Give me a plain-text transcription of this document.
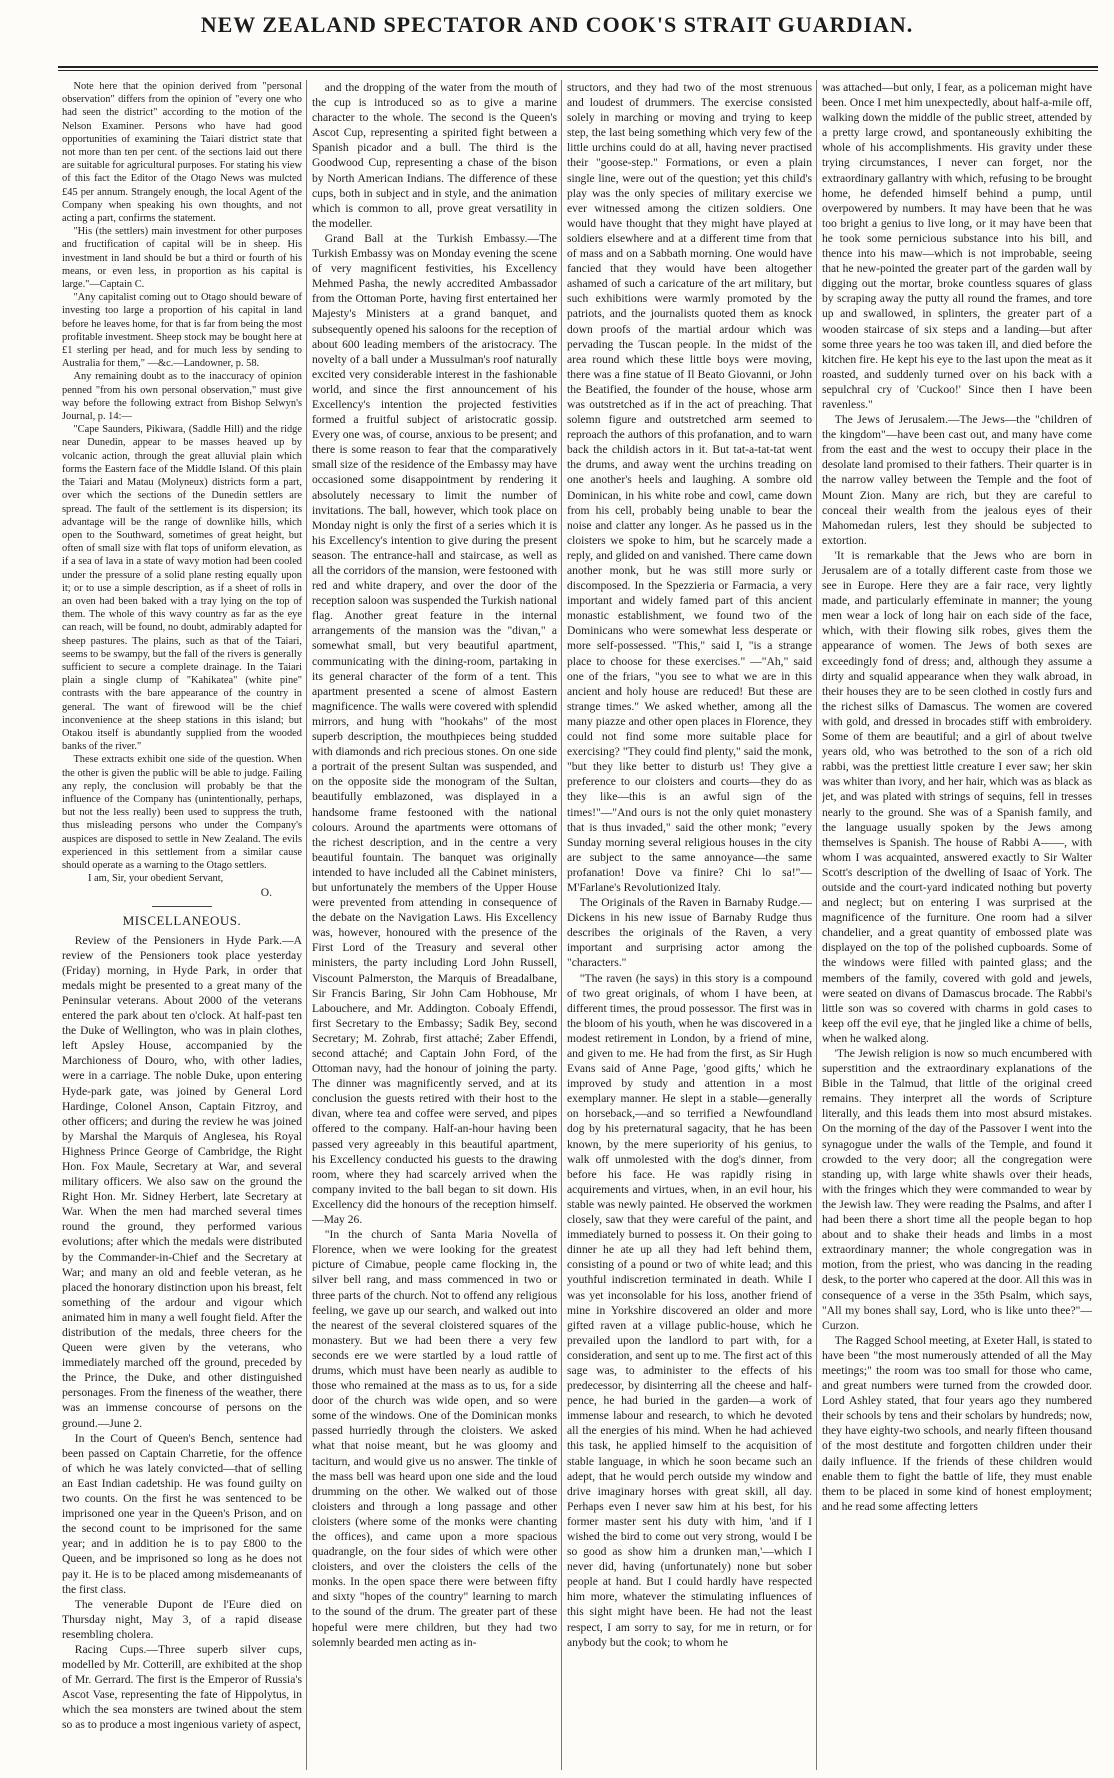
NEW ZEALAND SPECTATOR AND COOK'S STRAIT GUARDIAN.

Note here that the opinion derived from "personal observation" differs from the opinion of "every one who had seen the district" according to the motion of the Nelson Examiner. Persons who have had good opportunities of examining the Taiari district state that not more than ten per cent. of the sections laid out there are suitable for agricultural purposes. For stating his view of this fact the Editor of the Otago News was mulcted £45 per annum. Strangely enough, the local Agent of the Company when speaking his own thoughts, and not acting a part, confirms the statement.

"His (the settlers) main investment for other purposes and fructification of capital will be in sheep. His investment in land should be but a third or fourth of his means, or even less, in proportion as his capital is large."—Captain C.

"Any capitalist coming out to Otago should beware of investing too large a proportion of his capital in land before he leaves home, for that is far from being the most profitable investment. Sheep stock may be bought here at £1 sterling per head, and for much less by sending to Australia for them," —&c.—Landowner, p. 58.

Any remaining doubt as to the inaccuracy of opinion penned "from his own personal observation," must give way before the following extract from Bishop Selwyn's Journal, p. 14:—

"Cape Saunders, Pikiwara, (Saddle Hill) and the ridge near Dunedin, appear to be masses heaved up by volcanic action, through the great alluvial plain which forms the Eastern face of the Middle Island. Of this plain the Taiari and Matau (Molyneux) districts form a part, over which the sections of the Dunedin settlers are spread. The fault of the settlement is its dispersion; its advantage will be the range of downlike hills, which open to the Southward, sometimes of great height, but often of small size with flat tops of uniform elevation, as if a sea of lava in a state of wavy motion had been cooled under the pressure of a solid plane resting equally upon it; or to use a simple description, as if a sheet of rolls in an oven had been baked with a tray lying on the top of them. The whole of this wavy country as far as the eye can reach, will be found, no doubt, admirably adapted for sheep pastures. The plains, such as that of the Taiari, seems to be swampy, but the fall of the rivers is generally sufficient to secure a complete drainage. In the Taiari plain a single clump of "Kahikatea" (white pine" contrasts with the bare appearance of the country in general. The want of firewood will be the chief inconvenience at the sheep stations in this island; but Otakou itself is abundantly supplied from the wooded banks of the river."

These extracts exhibit one side of the question. When the other is given the public will be able to judge. Failing any reply, the conclusion will probably be that the influence of the Company has (unintentionally, perhaps, but not the less really) been used to suppress the truth, thus misleading persons who under the Company's auspices are disposed to settle in New Zealand. The evils experienced in this settlement from a similar cause should operate as a warning to the Otago settlers.

I am, Sir, your obedient Servant,

O.

MISCELLANEOUS.

Review of the Pensioners in Hyde Park.—A review of the Pensioners took place yesterday (Friday) morning, in Hyde Park, in order that medals might be presented to a great many of the Peninsular veterans. About 2000 of the veterans entered the park about ten o'clock. At half-past ten the Duke of Wellington, who was in plain clothes, left Apsley House, accompanied by the Marchioness of Douro, who, with other ladies, were in a carriage. The noble Duke, upon entering Hyde-park gate, was joined by General Lord Hardinge, Colonel Anson, Captain Fitzroy, and other officers; and during the review he was joined by Marshal the Marquis of Anglesea, his Royal Highness Prince George of Cambridge, the Right Hon. Fox Maule, Secretary at War, and several military officers. We also saw on the ground the Right Hon. Mr. Sidney Herbert, late Secretary at War. When the men had marched several times round the ground, they performed various evolutions; after which the medals were distributed by the Commander-in-Chief and the Secretary at War; and many an old and feeble veteran, as he placed the honorary distinction upon his breast, felt something of the ardour and vigour which animated him in many a well fought field. After the distribution of the medals, three cheers for the Queen were given by the veterans, who immediately marched off the ground, preceded by the Prince, the Duke, and other distinguished personages. From the fineness of the weather, there was an immense concourse of persons on the ground.—June 2.

In the Court of Queen's Bench, sentence had been passed on Captain Charretie, for the offence of which he was lately convicted—that of selling an East Indian cadetship. He was found guilty on two counts. On the first he was sentenced to be imprisoned one year in the Queen's Prison, and on the second count to be imprisoned for the same year; and in addition he is to pay £800 to the Queen, and be imprisoned so long as he does not pay it. He is to be placed among misdemeanants of the first class.

The venerable Dupont de l'Eure died on Thursday night, May 3, of a rapid disease resembling cholera.

Racing Cups.—Three superb silver cups, modelled by Mr. Cotterill, are exhibited at the shop of Mr. Gerrard. The first is the Emperor of Russia's Ascot Vase, representing the fate of Hippolytus, in which the sea monsters are twined about the stem so as to produce a most ingenious variety of aspect,

and the dropping of the water from the mouth of the cup is introduced so as to give a marine character to the whole. The second is the Queen's Ascot Cup, representing a spirited fight between a Spanish picador and a bull. The third is the Goodwood Cup, representing a chase of the bison by North American Indians. The difference of these cups, both in subject and in style, and the animation which is common to all, prove great versatility in the modeller.

Grand Ball at the Turkish Embassy.—The Turkish Embassy was on Monday evening the scene of very magnificent festivities, his Excellency Mehmed Pasha, the newly accredited Ambassador from the Ottoman Porte, having first entertained her Majesty's Ministers at a grand banquet, and subsequently opened his saloons for the reception of about 600 leading members of the aristocracy. The novelty of a ball under a Mussulman's roof naturally excited very considerable interest in the fashionable world, and since the first announcement of his Excellency's intention the projected festivities formed a fruitful subject of aristocratic gossip. Every one was, of course, anxious to be present; and there is some reason to fear that the comparatively small size of the residence of the Embassy may have occasioned some disappointment by rendering it absolutely necessary to limit the number of invitations. The ball, however, which took place on Monday night is only the first of a series which it is his Excellency's intention to give during the present season. The entrance-hall and staircase, as well as all the corridors of the mansion, were festooned with red and white drapery, and over the door of the reception saloon was suspended the Turkish national flag. Another great feature in the internal arrangements of the mansion was the "divan," a somewhat small, but very beautiful apartment, communicating with the dining-room, partaking in its general character of the form of a tent. This apartment presented a scene of almost Eastern magnificence. The walls were covered with splendid mirrors, and hung with "hookahs" of the most superb description, the mouthpieces being studded with diamonds and rich precious stones. On one side a portrait of the present Sultan was suspended, and on the opposite side the monogram of the Sultan, beautifully emblazoned, was displayed in a handsome frame festooned with the national colours. Around the apartments were ottomans of the richest description, and in the centre a very beautiful fountain. The banquet was originally intended to have included all the Cabinet ministers, but unfortunately the members of the Upper House were prevented from attending in consequence of the debate on the Navigation Laws. His Excellency was, however, honoured with the presence of the First Lord of the Treasury and several other ministers, the party including Lord John Russell, Viscount Palmerston, the Marquis of Breadalbane, Sir Francis Baring, Sir John Cam Hobhouse, Mr Labouchere, and Mr. Addington. Coboaly Effendi, first Secretary to the Embassy; Sadik Bey, second Secretary; M. Zohrab, first attaché; Zaber Effendi, second attaché; and Captain John Ford, of the Ottoman navy, had the honour of joining the party. The dinner was magnificently served, and at its conclusion the guests retired with their host to the divan, where tea and coffee were served, and pipes offered to the company. Half-an-hour having been passed very agreeably in this beautiful apartment, his Excellency conducted his guests to the drawing room, where they had scarcely arrived when the company invited to the ball began to sit down. His Excellency did the honours of the reception himself.—May 26.

"In the church of Santa Maria Novella of Florence, when we were looking for the greatest picture of Cimabue, people came flocking in, the silver bell rang, and mass commenced in two or three parts of the church. Not to offend any religious feeling, we gave up our search, and walked out into the nearest of the several cloistered squares of the monastery. But we had been there a very few seconds ere we were startled by a loud rattle of drums, which must have been nearly as audible to those who remained at the mass as to us, for a side door of the church was wide open, and so were some of the windows. One of the Dominican monks passed hurriedly through the cloisters. We asked what that noise meant, but he was gloomy and taciturn, and would give us no answer. The tinkle of the mass bell was heard upon one side and the loud drumming on the other. We walked out of those cloisters and through a long passage and other cloisters (where some of the monks were chanting the offices), and came upon a more spacious quadrangle, on the four sides of which were other cloisters, and over the cloisters the cells of the monks. In the open space there were between fifty and sixty "hopes of the country" learning to march to the sound of the drum. The greater part of these hopeful were mere children, but they had two solemnly bearded men acting as in-

structors, and they had two of the most strenuous and loudest of drummers. The exercise consisted solely in marching or moving and trying to keep step, the last being something which very few of the little urchins could do at all, having never practised their "goose-step." Formations, or even a plain single line, were out of the question; yet this child's play was the only species of military exercise we ever witnessed among the citizen soldiers. One would have thought that they might have played at soldiers elsewhere and at a different time from that of mass and on a Sabbath morning. One would have fancied that they would have been altogether ashamed of such a caricature of the art military, but such exhibitions were warmly promoted by the patriots, and the journalists quoted them as knock down proofs of the martial ardour which was pervading the Tuscan people. In the midst of the area round which these little boys were moving, there was a fine statue of Il Beato Giovanni, or John the Beatified, the founder of the house, whose arm was outstretched as if in the act of preaching. That solemn figure and outstretched arm seemed to reproach the authors of this profanation, and to warn back the childish actors in it. But tat-a-tat-tat went the drums, and away went the urchins treading on one another's heels and laughing. A sombre old Dominican, in his white robe and cowl, came down from his cell, probably being unable to bear the noise and clatter any longer. As he passed us in the cloisters we spoke to him, but he scarcely made a reply, and glided on and vanished. There came down another monk, but he was still more surly or discomposed. In the Spezzieria or Farmacia, a very important and widely famed part of this ancient monastic establishment, we found two of the Dominicans who were somewhat less desperate or more self-possessed. "This," said I, "is a strange place to choose for these exercises." —"Ah," said one of the friars, "you see to what we are in this ancient and holy house are reduced! But these are strange times." We asked whether, among all the many piazze and other open places in Florence, they could not find some more suitable place for exercising? "They could find plenty," said the monk, "but they like better to disturb us! They give a preference to our cloisters and courts—they do as they like—this is an awful sign of the times!"—"And ours is not the only quiet monastery that is thus invaded," said the other monk; "every Sunday morning several religious houses in the city are subject to the same annoyance—the same profanation! Dove va finire? Chi lo sa!"—M'Farlane's Revolutionized Italy.

The Originals of the Raven in Barnaby Rudge.—Dickens in his new issue of Barnaby Rudge thus describes the originals of the Raven, a very important and surprising actor among the "characters."

"The raven (he says) in this story is a compound of two great originals, of whom I have been, at different times, the proud possessor. The first was in the bloom of his youth, when he was discovered in a modest retirement in London, by a friend of mine, and given to me. He had from the first, as Sir Hugh Evans said of Anne Page, 'good gifts,' which he improved by study and attention in a most exemplary manner. He slept in a stable—generally on horseback,—and so terrified a Newfoundland dog by his preternatural sagacity, that he has been known, by the mere superiority of his genius, to walk off unmolested with the dog's dinner, from before his face. He was rapidly rising in acquirements and virtues, when, in an evil hour, his stable was newly painted. He observed the workmen closely, saw that they were careful of the paint, and immediately burned to possess it. On their going to dinner he ate up all they had left behind them, consisting of a pound or two of white lead; and this youthful indiscretion terminated in death. While I was yet inconsolable for his loss, another friend of mine in Yorkshire discovered an older and more gifted raven at a village public-house, which he prevailed upon the landlord to part with, for a consideration, and sent up to me. The first act of this sage was, to administer to the effects of his predecessor, by disinterring all the cheese and half-pence, he had buried in the garden—a work of immense labour and research, to which he devoted all the energies of his mind. When he had achieved this task, he applied himself to the acquisition of stable language, in which he soon became such an adept, that he would perch outside my window and drive imaginary horses with great skill, all day. Perhaps even I never saw him at his best, for his former master sent his duty with him, 'and if I wished the bird to come out very strong, would I be so good as show him a drunken man,'—which I never did, having (unfortunately) none but sober people at hand. But I could hardly have respected him more, whatever the stimulating influences of this sight might have been. He had not the least respect, I am sorry to say, for me in return, or for anybody but the cook; to whom he

was attached—but only, I fear, as a policeman might have been. Once I met him unexpectedly, about half-a-mile off, walking down the middle of the public street, attended by a pretty large crowd, and spontaneously exhibiting the whole of his accomplishments. His gravity under these trying circumstances, I never can forget, nor the extraordinary gallantry with which, refusing to be brought home, he defended himself behind a pump, until overpowered by numbers. It may have been that he was too bright a genius to live long, or it may have been that he took some pernicious substance into his bill, and thence into his maw—which is not improbable, seeing that he new-pointed the greater part of the garden wall by digging out the mortar, broke countless squares of glass by scraping away the putty all round the frames, and tore up and swallowed, in splinters, the greater part of a wooden staircase of six steps and a landing—but after some three years he too was taken ill, and died before the kitchen fire. He kept his eye to the last upon the meat as it roasted, and suddenly turned over on his back with a sepulchral cry of 'Cuckoo!' Since then I have been ravenless."

The Jews of Jerusalem.—The Jews—the "children of the kingdom"—have been cast out, and many have come from the east and the west to occupy their place in the desolate land promised to their fathers. Their quarter is in the narrow valley between the Temple and the foot of Mount Zion. Many are rich, but they are careful to conceal their wealth from the jealous eyes of their Mahomedan rulers, lest they should be subjected to extortion.

'It is remarkable that the Jews who are born in Jerusalem are of a totally different caste from those we see in Europe. Here they are a fair race, very lightly made, and particularly effeminate in manner; the young men wear a lock of long hair on each side of the face, which, with their flowing silk robes, gives them the appearance of women. The Jews of both sexes are exceedingly fond of dress; and, although they assume a dirty and squalid appearance when they walk abroad, in their houses they are to be seen clothed in costly furs and the richest silks of Damascus. The women are covered with gold, and dressed in brocades stiff with embroidery. Some of them are beautiful; and a girl of about twelve years old, who was betrothed to the son of a rich old rabbi, was the prettiest little creature I ever saw; her skin was whiter than ivory, and her hair, which was as black as jet, and was plated with strings of sequins, fell in tresses nearly to the ground. She was of a Spanish family, and the language usually spoken by the Jews among themselves is Spanish. The house of Rabbi A——, with whom I was acquainted, answered exactly to Sir Walter Scott's description of the dwelling of Isaac of York. The outside and the court-yard indicated nothing but poverty and neglect; but on entering I was surprised at the magnificence of the furniture. One room had a silver chandelier, and a great quantity of embossed plate was displayed on the top of the polished cupboards. Some of the windows were filled with painted glass; and the members of the family, covered with gold and jewels, were seated on divans of Damascus brocade. The Rabbi's little son was so covered with charms in gold cases to keep off the evil eye, that he jingled like a chime of bells, when he walked along.

'The Jewish religion is now so much encumbered with superstition and the extraordinary explanations of the Bible in the Talmud, that little of the original creed remains. They interpret all the words of Scripture literally, and this leads them into most absurd mistakes. On the morning of the day of the Passover I went into the synagogue under the walls of the Temple, and found it crowded to the very door; all the congregation were standing up, with large white shawls over their heads, with the fringes which they were commanded to wear by the Jewish law. They were reading the Psalms, and after I had been there a short time all the people began to hop about and to shake their heads and limbs in a most extraordinary manner; the whole congregation was in motion, from the priest, who was dancing in the reading desk, to the porter who capered at the door. All this was in consequence of a verse in the 35th Psalm, which says, "All my bones shall say, Lord, who is like unto thee?"—Curzon.

The Ragged School meeting, at Exeter Hall, is stated to have been "the most numerously attended of all the May meetings;" the room was too small for those who came, and great numbers were turned from the crowded door. Lord Ashley stated, that four years ago they numbered their schools by tens and their scholars by hundreds; now, they have eighty-two schools, and nearly fifteen thousand of the most destitute and forgotten children under their daily influence. If the friends of these children would enable them to fight the battle of life, they must enable them to be placed in some kind of honest employment; and he read some affecting letters
